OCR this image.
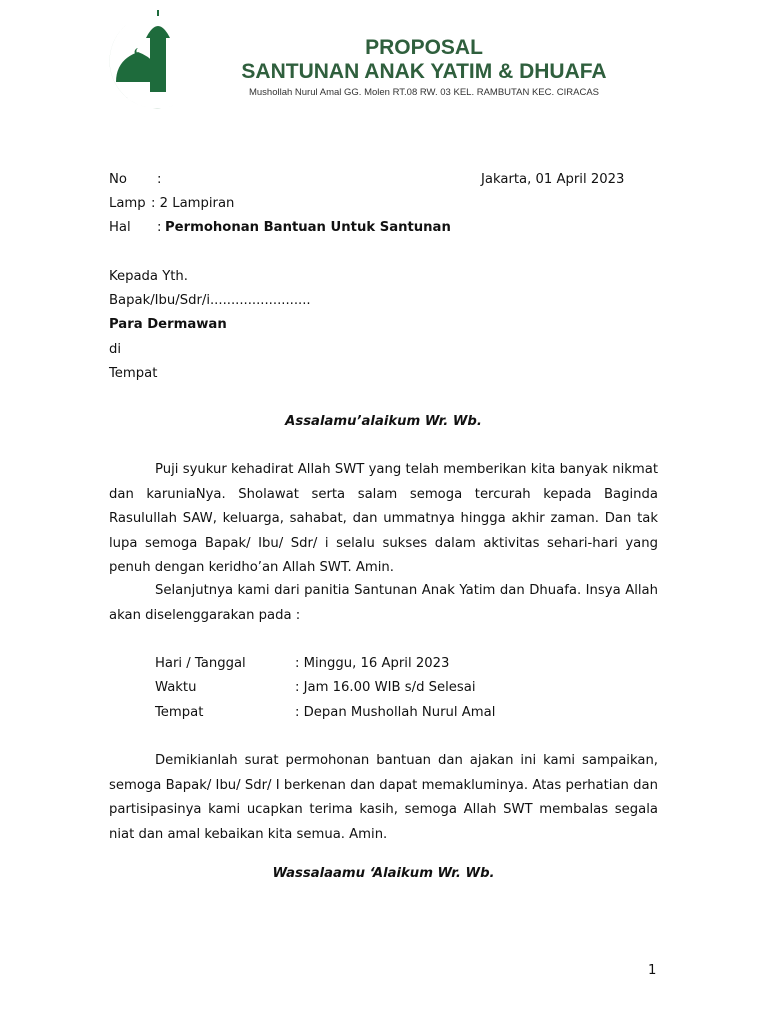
PROPOSAL
SANTUNAN ANAK YATIM & DHUAFA
Mushollah Nurul Amal GG. Molen RT.08 RW. 03 KEL. RAMBUTAN KEC. CIRACAS
No :	Jakarta, 01 April 2023
Lamp : 2 Lampiran
Hal : Permohonan Bantuan Untuk Santunan
Kepada Yth.
Bapak/Ibu/Sdr/i........................
Para Dermawan
di
Tempat
Assalamu’alaikum Wr. Wb.
Puji syukur kehadirat Allah SWT yang telah memberikan kita banyak nikmat dan karuniaNya. Sholawat serta salam semoga tercurah kepada Baginda Rasulullah SAW, keluarga, sahabat, dan ummatnya hingga akhir zaman. Dan tak lupa semoga Bapak/ Ibu/ Sdr/ i selalu sukses dalam aktivitas sehari-hari yang penuh dengan keridho’an Allah SWT. Amin.
Selanjutnya kami dari panitia Santunan Anak Yatim dan Dhuafa. Insya Allah akan diselenggarakan pada :
Hari / Tanggal	: Minggu, 16 April 2023
Waktu	: Jam 16.00 WIB s/d Selesai
Tempat	: Depan Mushollah Nurul Amal
Demikianlah surat permohonan bantuan dan ajakan ini kami sampaikan, semoga Bapak/ Ibu/ Sdr/ I berkenan dan dapat memakluminya. Atas perhatian dan partisipasinya kami ucapkan terima kasih, semoga Allah SWT membalas segala niat dan amal kebaikan kita semua. Amin.
Wassalaamu ‘Alaikum Wr. Wb.
1
